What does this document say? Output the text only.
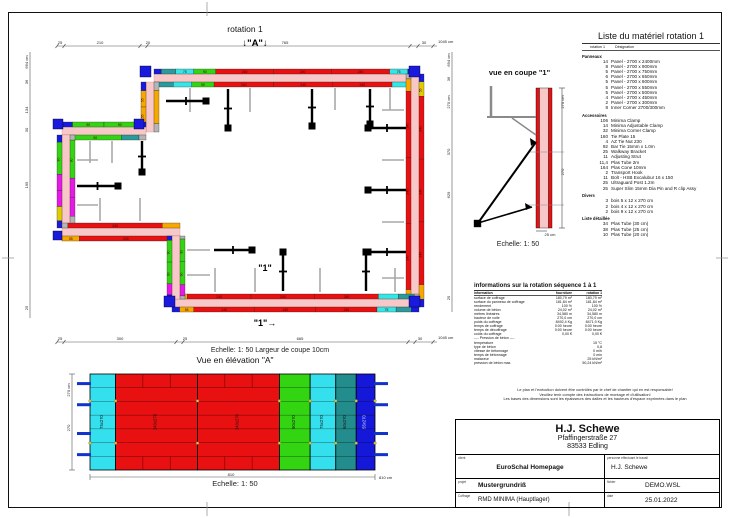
75	90	240	240	240	75
90	240	240	240
55
240
240
240
240
240
240
55	240	240	240	75
240	240	240
55
55
90	90
90
90	90
55	240
240
90
90
90
90
25	210	20	765	30	1045 cm
25	300	25	665	30	1045 cm
664 cm
36
134
30
195
25
694 cm
36
270 cm
370
629
25
270 cm
270
25 cm
75x270	240x270	240x270	90x270	75x270	60x270	55x270
270 cm
270
810
810 cm
rotation 1
↓"A"↓
"1"
"1"→
Echelle: 1: 50 Largeur de coupe 10cm
vue en coupe "1"
Echelle: 1: 50
Vue en élévation "A"
Echelle: 1: 50
Liste du matériel rotation 1
rotation 1	Désignation
Panneaux
14 Panel - 2700 x 2400mm
8 Panel - 2700 x 900mm
5 Panel - 2700 x 750mm
6 Panel - 2700 x 650mm
5 Panel - 2700 x 600mm
5 Panel - 2700 x 550mm
5 Panel - 2700 x 500mm
4 Panel - 2700 x 450mm
2 Panel - 2700 x 300mm
8 Inner Corner 2700/300mm
Accessoires
106 Minima Clamp
14 Minima Adjustable Clamp
32 Minima Corner Clamp
160 Tie Plate 15
4 AZ Tie Nut 230
92 Bar Tie 15mm x 1.0m
25 Walkway Bracket
11 Adjusting Strut
11,4 Plas Tube 2m
164 Plas Cone 10mm
2 Transport Hook
11 Bolt - HSB Excalubur 16 x 150
25 Ultraguard Post 1.2m
25 Super Slim 15mm Dia Pin and R clip Assy
Divers
3 bois 5 x 12 x 270 cm
2 bois 4 x 12 x 270 cm
2 bois 9 x 12 x 270 cm
Liste détaillée
34 Plas Tube (30 cm)
38 Plas Tube (25 cm)
10 Plas Tube (20 cm)
informations sur la rotation séquence 1 à 1
information	fourniture	rotation 1
surface de coffrage	180,79 m²	180,79 m²
surface du panneau de coffrage	181,84 m²	181,84 m²
rendement	100 %	100 %
volume de béton	24,02 m³	24,02 m³
mètres linéaires	34,580 m	34,580 m
hauteur de voile	270,0 cm	270,0 cm
poids du coffrage	8492,4 Kg	8471,9 Kg
temps de coffrage	0:00 heure	0:00 heure
temps de décoffrage	0:00 heure	0:00 heure
coûts du coffrage	0,00 €	0,00 €
---- Pression de béton ----
température	15 °C
type de béton	0,8
vitesse de bétonnage	0 m/h
temps de bétonnage	0 min
malaxeur	25 kN/m²
pression de béton max.	50,24 kN/m²
Le plan et l'exécution doivent être contrôlés par le chef de chantier qui en est responsable!
Veuillez tenir compte des instructions de montage et d'utilisation!
Les bases des dimensions sont les épaisseurs des dalles et les hauteurs d'espace exprimées dans le plan
H.J. Schewe
Pfaffingerstraße 27
83533 Edling
client
EuroSchal Homepage
personne effectuant le travail
H.J. Schewe
projet	Mustergrundriß	fichier	DEMO.WSL
Coffrage
RMD MINIMA (Hauptlager)
date
25.01.2022
